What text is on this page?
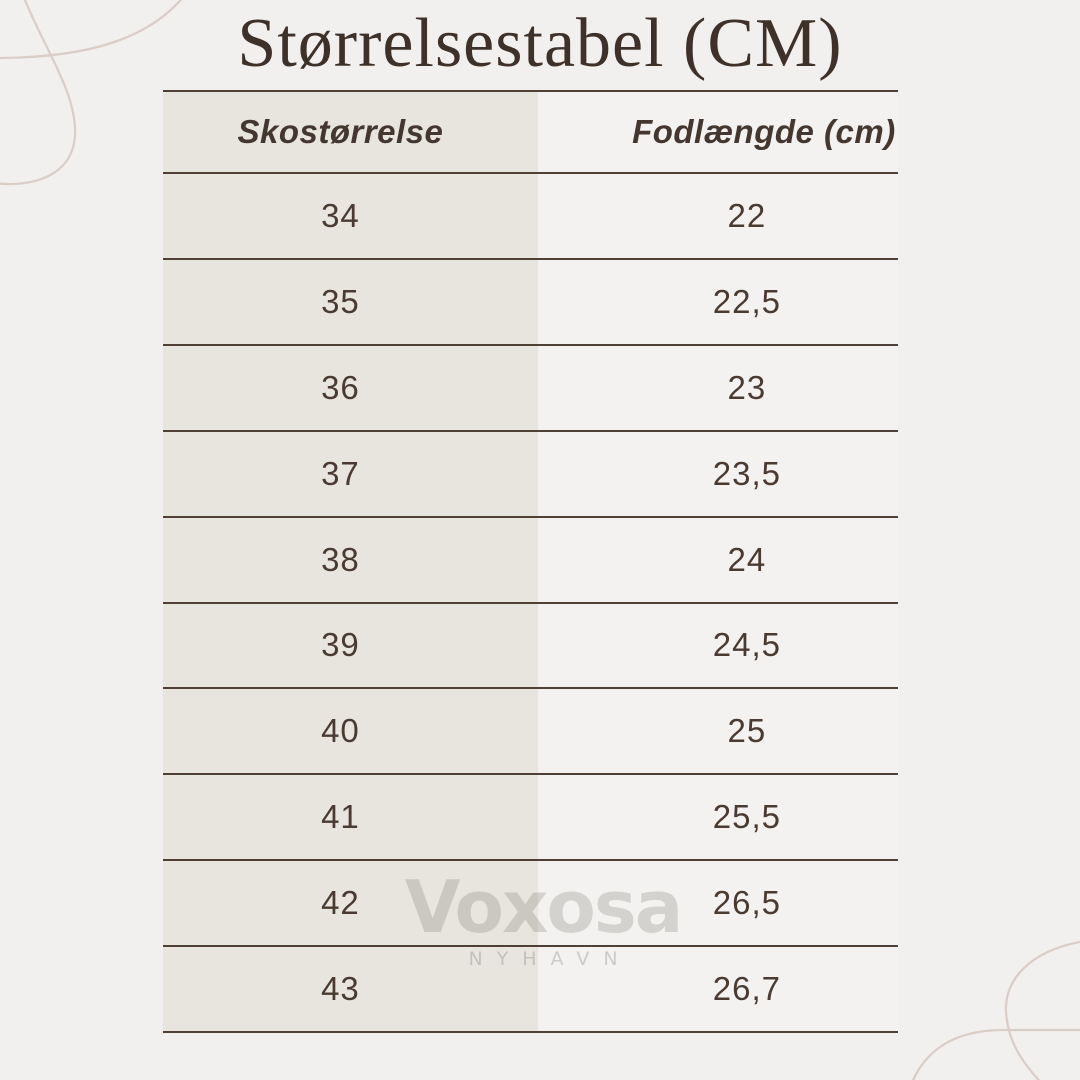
Størrelsestabel (CM)
NYHAVN
Skostørrelse	Fodlængde (cm)
34	22
35	22,5
36	23
37	23,5
38	24
39	24,5
40	25
41	25,5
42	26,5
43	26,7
